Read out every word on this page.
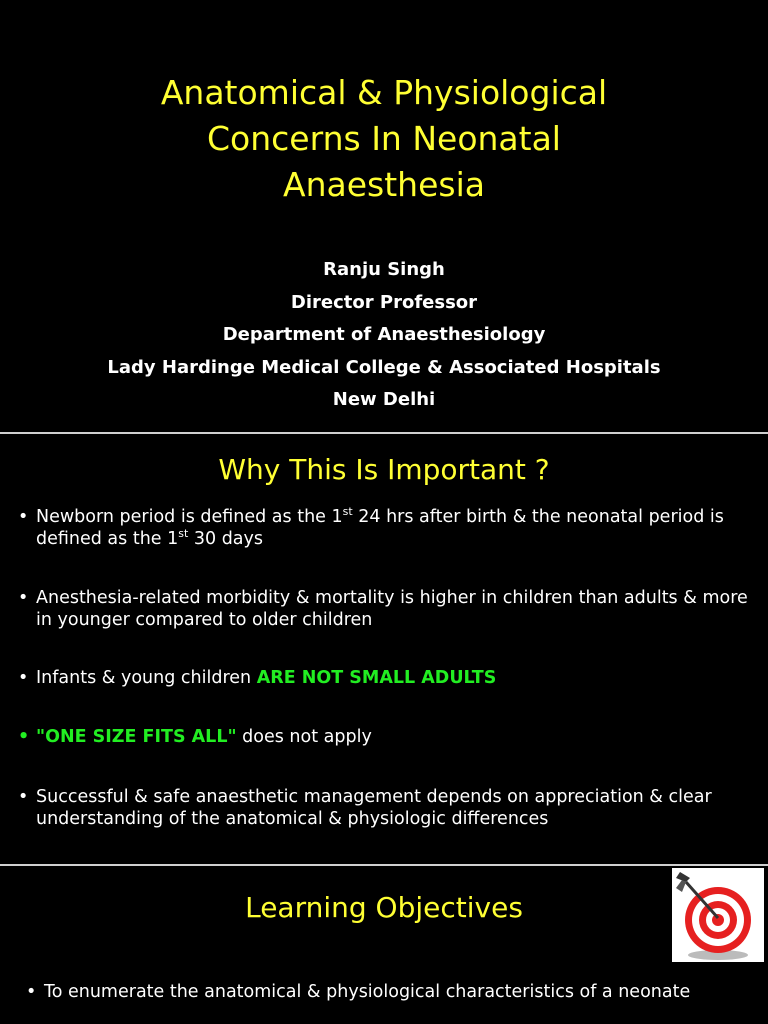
Anatomical & Physiological
Concerns In Neonatal
Anaesthesia
Ranju Singh
Director Professor
Department of Anaesthesiology
Lady Hardinge Medical College & Associated Hospitals
New Delhi
Why This Is Important ?
• Newborn period is defined as the 1st 24 hrs after birth & the neonatal period is defined as the 1st 30 days
• Anesthesia-related morbidity & mortality is higher in children than adults & more in younger compared to older children
• Infants & young children ARE NOT SMALL ADULTS
• "ONE SIZE FITS ALL" does not apply
• Successful & safe anaesthetic management depends on appreciation & clear understanding of the anatomical & physiologic differences
Learning Objectives
• To enumerate the anatomical & physiological characteristics of a neonate
